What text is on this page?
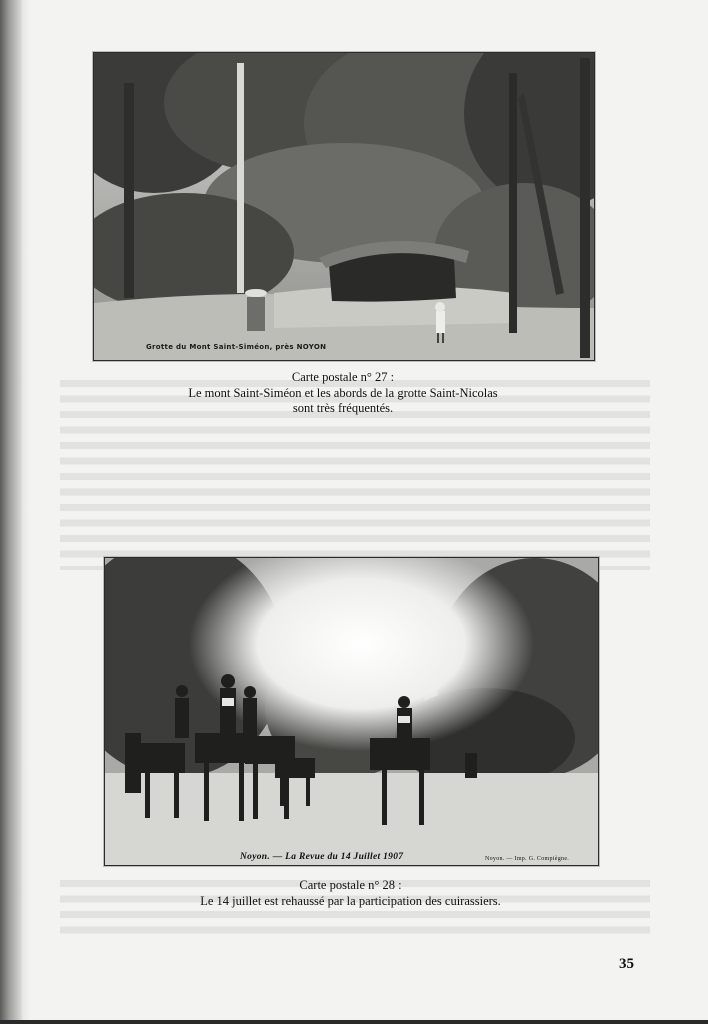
Grotte du Mont Saint-Siméon, près NOYON
Carte postale n° 27 :
Le mont Saint-Siméon et les abords de la grotte Saint-Nicolas
sont très fréquentés.
Noyon. — La Revue du 14 Juillet 1907	Noyon. — Imp. G. Compiègne.
Carte postale n° 28 :
Le 14 juillet est rehaussé par la participation des cuirassiers.
35
